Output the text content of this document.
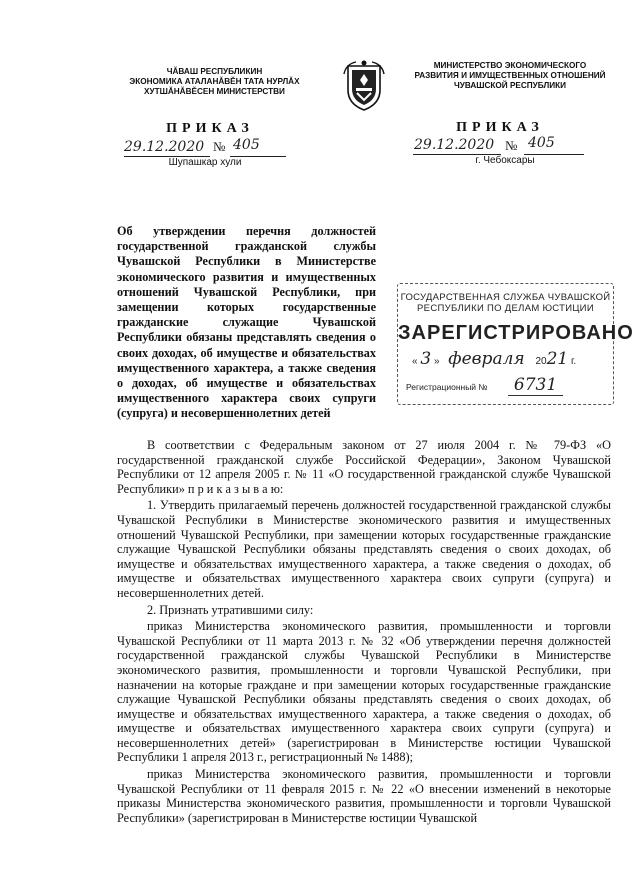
ЧĂВАШ РЕСПУБЛИКИН
ЭКОНОМИКА АТАЛАНĂВĔН ТАТА НУРЛĂХ
ХУТШĂНĂВĔСЕН МИНИСТЕРСТВИ
МИНИСТЕРСТВО ЭКОНОМИЧЕСКОГО
РАЗВИТИЯ И ИМУЩЕСТВЕННЫХ ОТНОШЕНИЙ
ЧУВАШСКОЙ РЕСПУБЛИКИ
ПРИКАЗ
29.12.2020 № 405
Шупашкар хули
ПРИКАЗ
29.12.2020 № 405
г. Чебоксары

Об утверждении перечня должностей государственной гражданской службы Чувашской Республики в Министерстве экономического развития и имущественных отношений Чувашской Республики, при замещении которых государственные гражданские служащие Чувашской Республики обязаны представлять сведения о своих доходах, об имуществе и обязательствах имущественного характера, а также сведения о доходах, об имуществе и обязательствах имущественного характера своих супруги (супруга) и несовершеннолетних детей

ГОСУДАРСТВЕННАЯ СЛУЖБА ЧУВАШСКОЙ
РЕСПУБЛИКИ ПО ДЕЛАМ ЮСТИЦИИ
ЗАРЕГИСТРИРОВАНО
« 3 » февраля 2021 г.
Регистрационный № 6731

В соответствии с Федеральным законом от 27 июля 2004 г. № 79-ФЗ «О государственной гражданской службе Российской Федерации», Законом Чувашской Республики от 12 апреля 2005 г. № 11 «О государственной гражданской службе Чувашской Республики» п р и к а з ы в а ю:

1. Утвердить прилагаемый перечень должностей государственной гражданской службы Чувашской Республики в Министерстве экономического развития и имущественных отношений Чувашской Республики, при замещении которых государственные гражданские служащие Чувашской Республики обязаны представлять сведения о своих доходах, об имуществе и обязательствах имущественного характера, а также сведения о доходах, об имуществе и обязательствах имущественного характера своих супруги (супруга) и несовершеннолетних детей.

2. Признать утратившими силу:

приказ Министерства экономического развития, промышленности и торговли Чувашской Республики от 11 марта 2013 г. № 32 «Об утверждении перечня должностей государственной гражданской службы Чувашской Республики в Министерстве экономического развития, промышленности и торговли Чувашской Республики, при назначении на которые граждане и при замещении которых государственные гражданские служащие Чувашской Республики обязаны представлять сведения о своих доходах, об имуществе и обязательствах имущественного характера, а также сведения о доходах, об имуществе и обязательствах имущественного характера своих супруги (супруга) и несовершеннолетних детей» (зарегистрирован в Министерстве юстиции Чувашской Республики 1 апреля 2013 г., регистрационный № 1488);

приказ Министерства экономического развития, промышленности и торговли Чувашской Республики от 11 февраля 2015 г. № 22 «О внесении изменений в некоторые приказы Министерства экономического развития, промышленности и торговли Чувашской Республики» (зарегистрирован в Министерстве юстиции Чувашской
